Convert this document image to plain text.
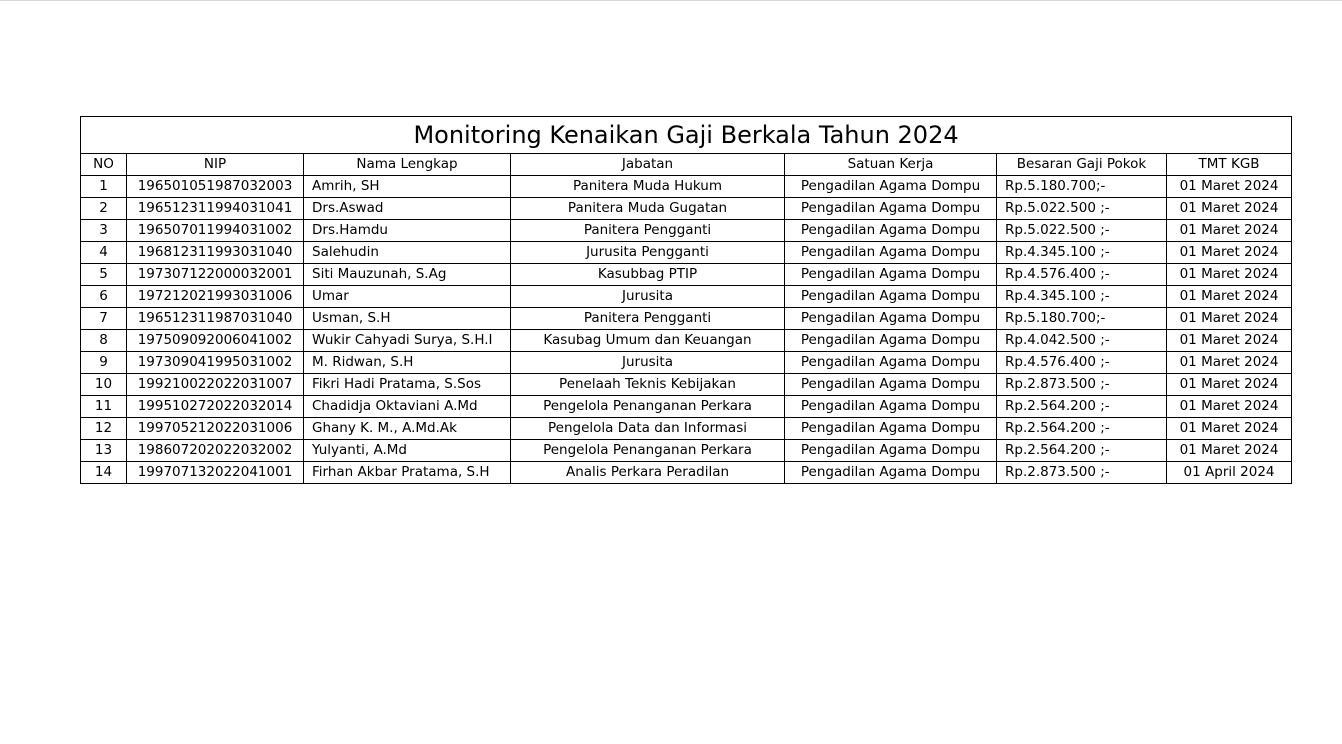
Monitoring Kenaikan Gaji Berkala Tahun 2024						
NO	NIP	Nama Lengkap	Jabatan	Satuan Kerja	Besaran Gaji Pokok	TMT KGB
1	196501051987032003	Amrih, SH	Panitera Muda Hukum	Pengadilan Agama Dompu	Rp.5.180.700;-	01 Maret 2024
2	196512311994031041	Drs.Aswad	Panitera Muda Gugatan	Pengadilan Agama Dompu	Rp.5.022.500 ;-	01 Maret 2024
3	196507011994031002	Drs.Hamdu	Panitera Pengganti	Pengadilan Agama Dompu	Rp.5.022.500 ;-	01 Maret 2024
4	196812311993031040	Salehudin	Jurusita Pengganti	Pengadilan Agama Dompu	Rp.4.345.100 ;-	01 Maret 2024
5	197307122000032001	Siti Mauzunah, S.Ag	Kasubbag PTIP	Pengadilan Agama Dompu	Rp.4.576.400 ;-	01 Maret 2024
6	197212021993031006	Umar	Jurusita	Pengadilan Agama Dompu	Rp.4.345.100 ;-	01 Maret 2024
7	196512311987031040	Usman, S.H	Panitera Pengganti	Pengadilan Agama Dompu	Rp.5.180.700;-	01 Maret 2024
8	197509092006041002	Wukir Cahyadi Surya, S.H.I	Kasubag Umum dan Keuangan	Pengadilan Agama Dompu	Rp.4.042.500 ;-	01 Maret 2024
9	197309041995031002	M. Ridwan, S.H	Jurusita	Pengadilan Agama Dompu	Rp.4.576.400 ;-	01 Maret 2024
10	199210022022031007	Fikri Hadi Pratama, S.Sos	Penelaah Teknis Kebijakan	Pengadilan Agama Dompu	Rp.2.873.500 ;-	01 Maret 2024
11	199510272022032014	Chadidja Oktaviani A.Md	Pengelola Penanganan Perkara	Pengadilan Agama Dompu	Rp.2.564.200 ;-	01 Maret 2024
12	199705212022031006	Ghany K. M., A.Md.Ak	Pengelola Data dan Informasi	Pengadilan Agama Dompu	Rp.2.564.200 ;-	01 Maret 2024
13	198607202022032002	Yulyanti, A.Md	Pengelola Penanganan Perkara	Pengadilan Agama Dompu	Rp.2.564.200 ;-	01 Maret 2024
14	199707132022041001	Firhan Akbar Pratama, S.H	Analis Perkara Peradilan	Pengadilan Agama Dompu	Rp.2.873.500 ;-	01 April 2024
